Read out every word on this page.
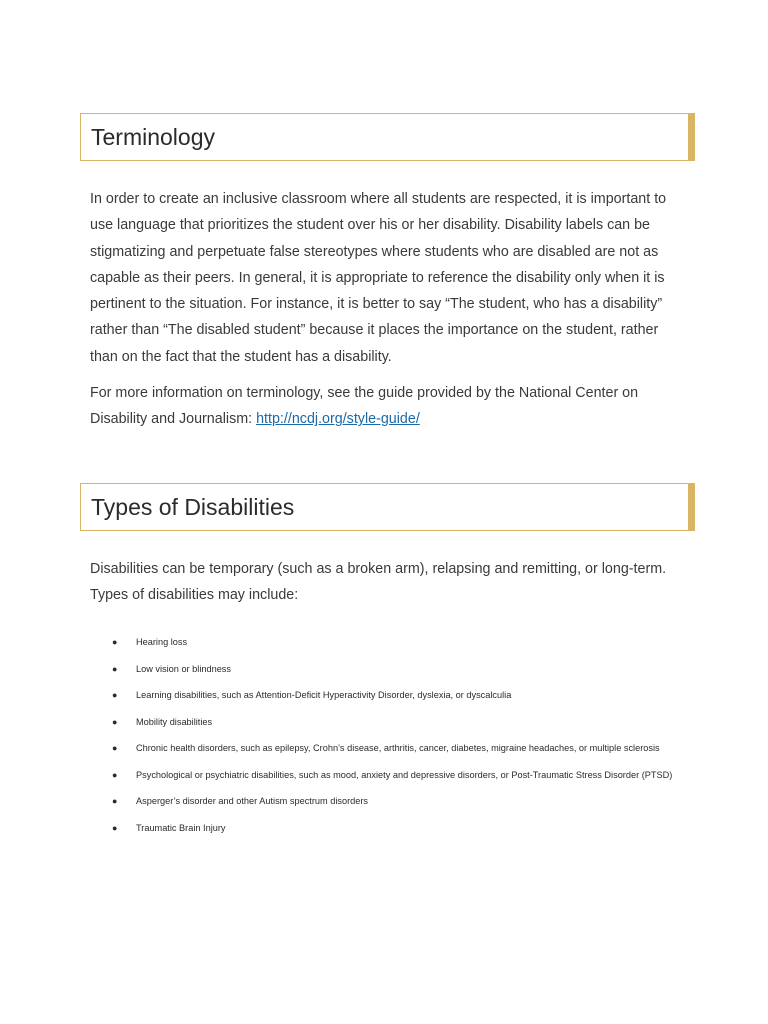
Terminology

In order to create an inclusive classroom where all students are respected, it is important to use language that prioritizes the student over his or her disability. Disability labels can be stigmatizing and perpetuate false stereotypes where students who are disabled are not as capable as their peers. In general, it is appropriate to reference the disability only when it is pertinent to the situation. For instance, it is better to say “The student, who has a disability” rather than “The disabled student” because it places the importance on the student, rather than on the fact that the student has a disability.

For more information on terminology, see the guide provided by the National Center on Disability and Journalism: http://ncdj.org/style-guide/

Types of Disabilities

Disabilities can be temporary (such as a broken arm), relapsing and remitting, or long-term. Types of disabilities may include:

● Hearing loss
● Low vision or blindness
● Learning disabilities, such as Attention-Deficit Hyperactivity Disorder, dyslexia, or dyscalculia
● Mobility disabilities
● Chronic health disorders, such as epilepsy, Crohn’s disease, arthritis, cancer, diabetes, migraine headaches, or multiple sclerosis
● Psychological or psychiatric disabilities, such as mood, anxiety and depressive disorders, or Post-Traumatic Stress Disorder (PTSD)
● Asperger’s disorder and other Autism spectrum disorders
● Traumatic Brain Injury
